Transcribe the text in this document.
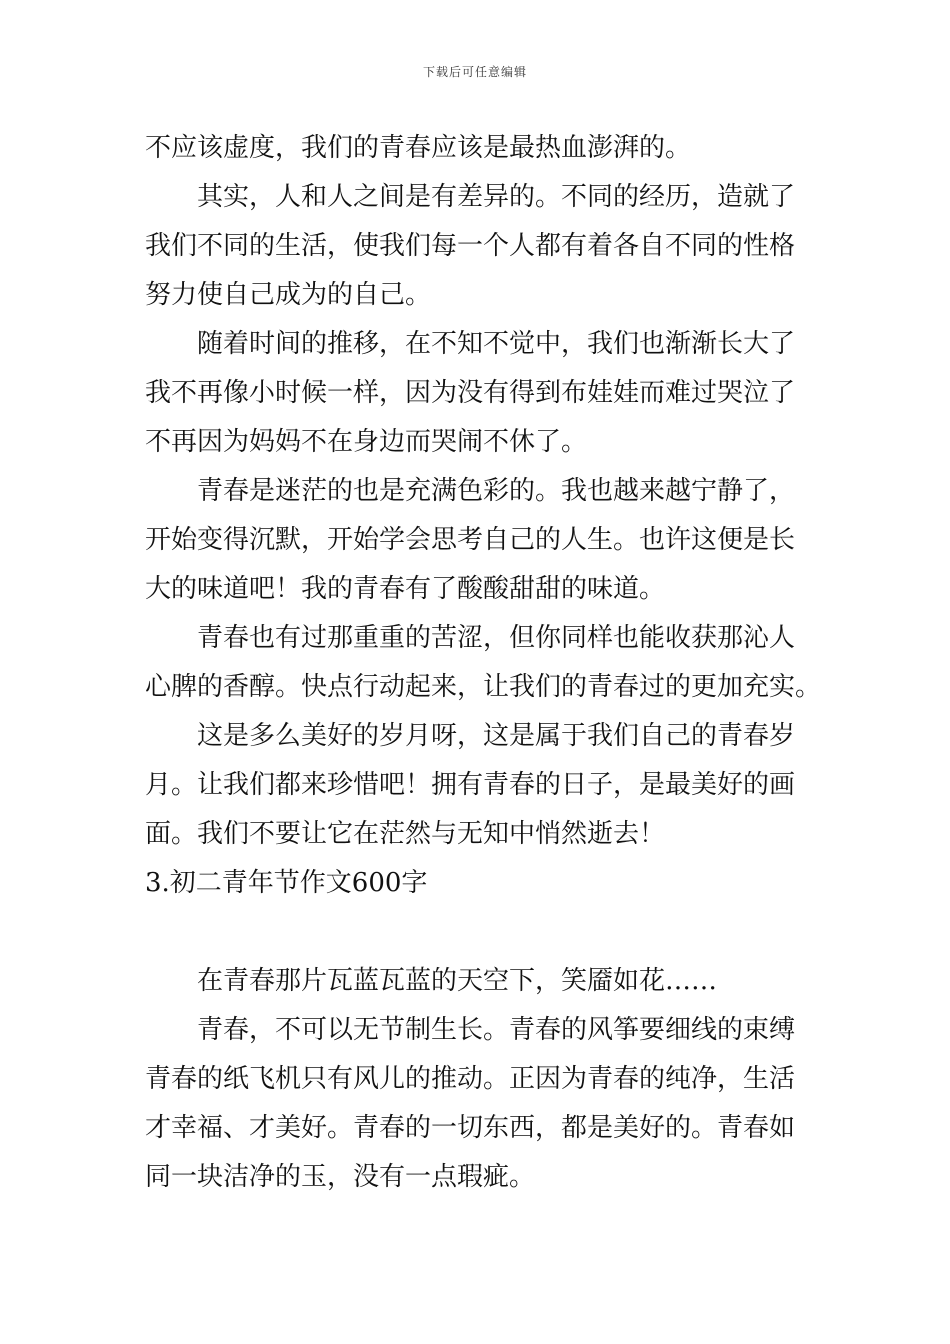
下载后可任意编辑
不应该虚度，我们的青春应该是最热血澎湃的。
其实，人和人之间是有差异的。不同的经历，造就了
我们不同的生活，使我们每一个人都有着各自不同的性格
努力使自己成为的自己。
随着时间的推移，在不知不觉中，我们也渐渐长大了
我不再像小时候一样，因为没有得到布娃娃而难过哭泣了
不再因为妈妈不在身边而哭闹不休了。
青春是迷茫的也是充满色彩的。我也越来越宁静了，
开始变得沉默，开始学会思考自己的人生。也许这便是长
大的味道吧！我的青春有了酸酸甜甜的味道。
青春也有过那重重的苦涩，但你同样也能收获那沁人
心脾的香醇。快点行动起来，让我们的青春过的更加充实。
这是多么美好的岁月呀，这是属于我们自己的青春岁
月。让我们都来珍惜吧！拥有青春的日子，是最美好的画
面。我们不要让它在茫然与无知中悄然逝去！
3.初二青年节作文600字
在青春那片瓦蓝瓦蓝的天空下，笑靥如花……
青春，不可以无节制生长。青春的风筝要细线的束缚
青春的纸飞机只有风儿的推动。正因为青春的纯净，生活
才幸福、才美好。青春的一切东西，都是美好的。青春如
同一块洁净的玉，没有一点瑕疵。
